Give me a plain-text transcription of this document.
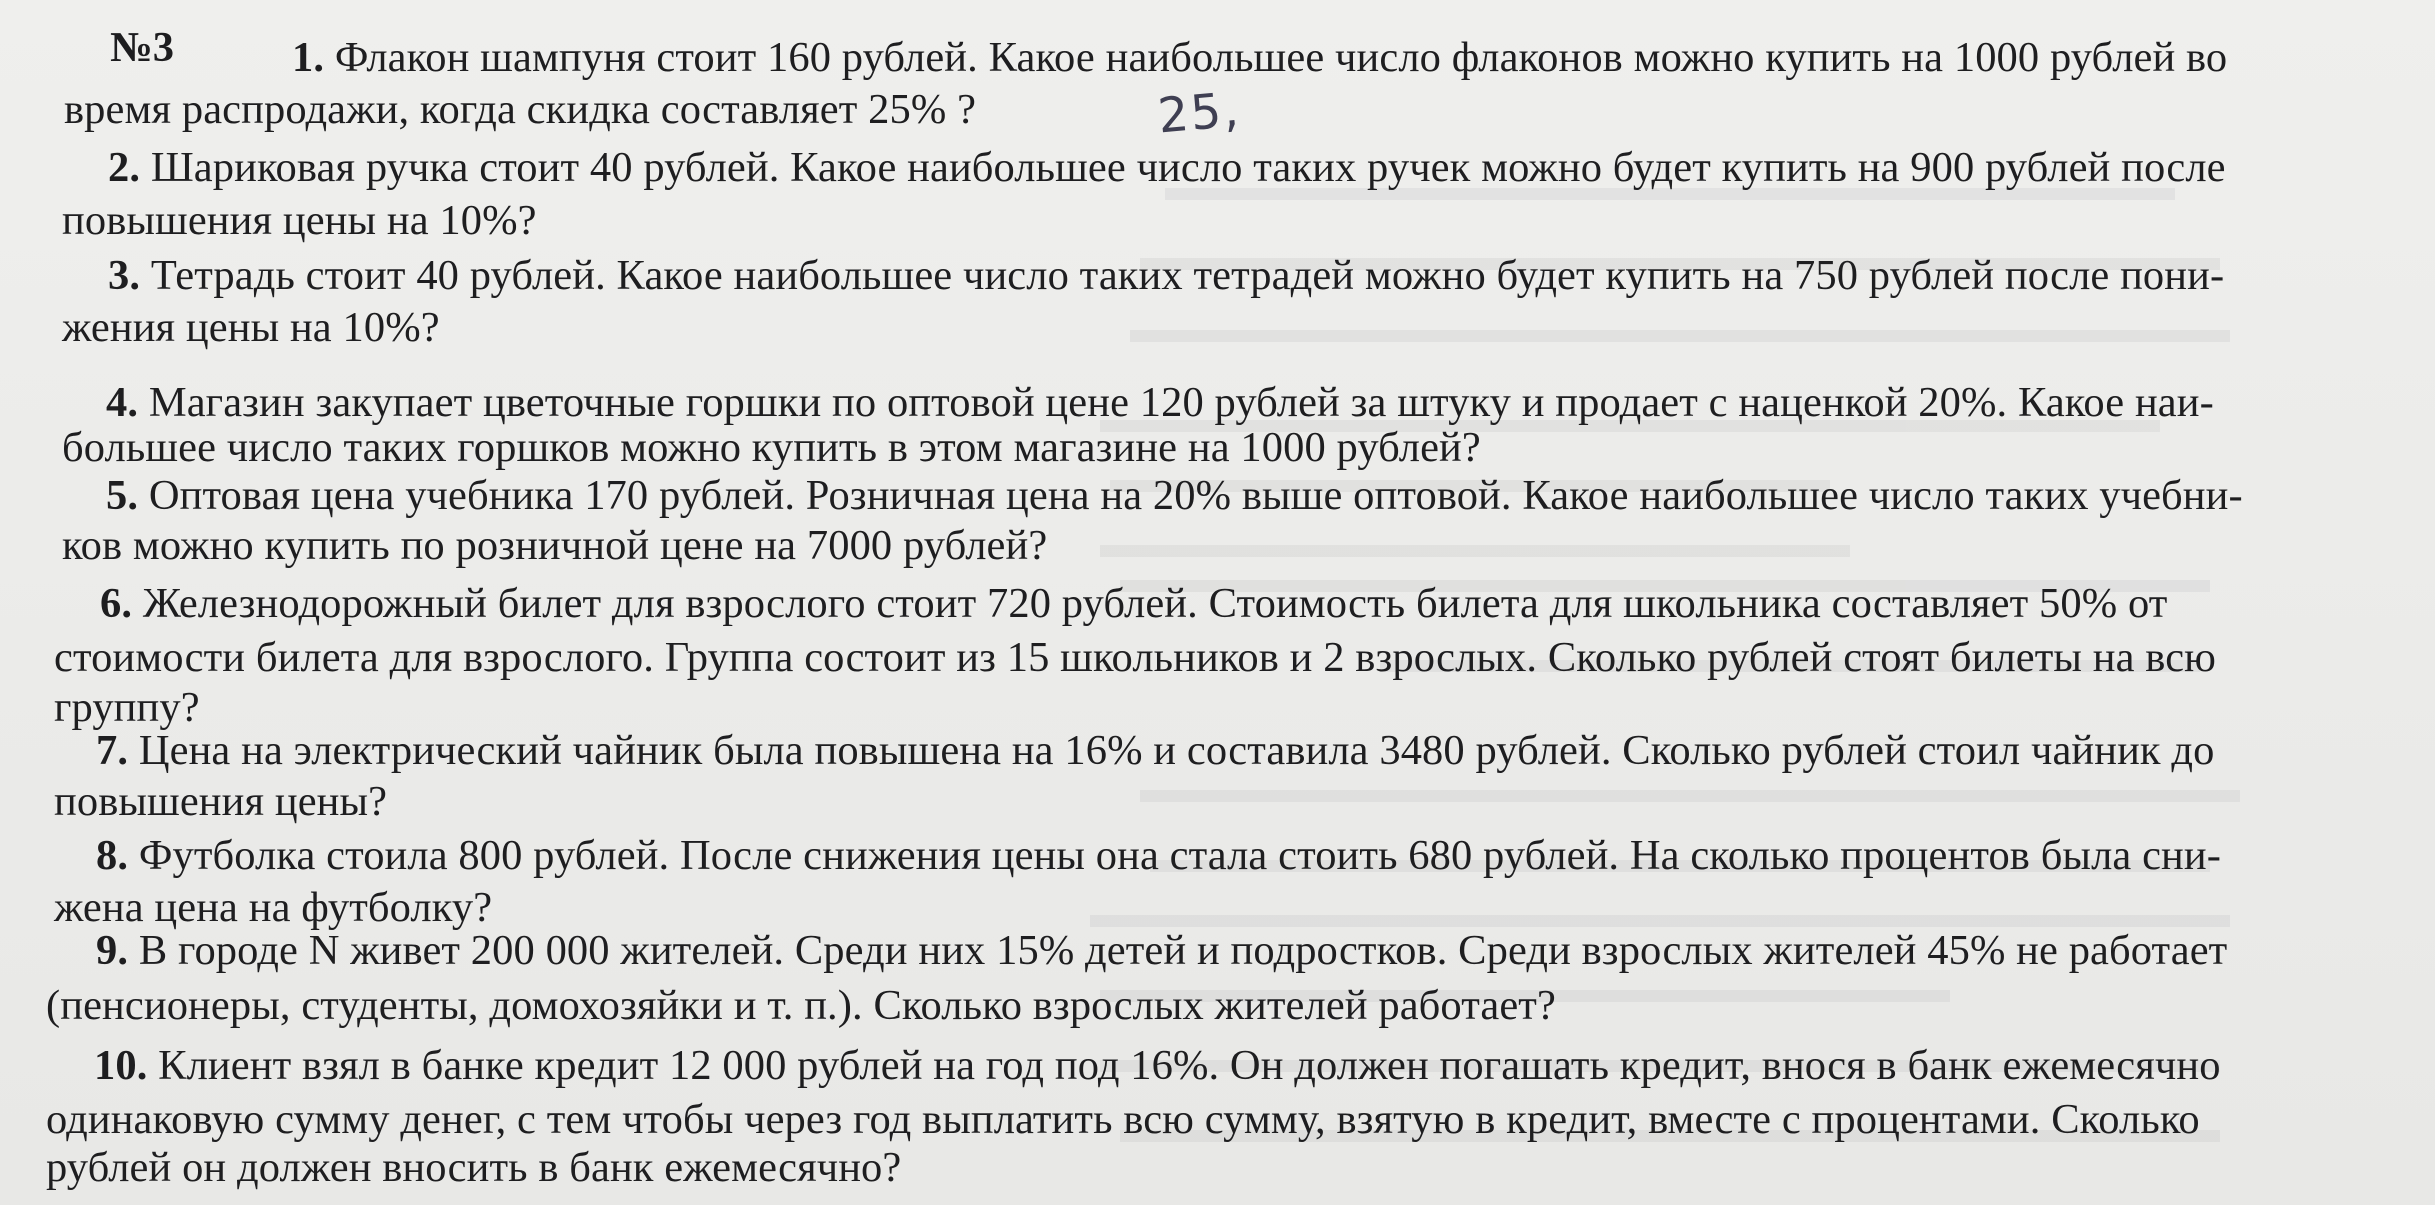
№3
25,
1. Флакон шампуня стоит 160 рублей. Какое наибольшее число флаконов можно купить на 1000 рублей во
время распродажи, когда скидка составляет 25% ?
2. Шариковая ручка стоит 40 рублей. Какое наибольшее число таких ручек можно будет купить на 900 рублей после
повышения цены на 10%?
3. Тетрадь стоит 40 рублей. Какое наибольшее число таких тетрадей можно будет купить на 750 рублей после пони-
жения цены на 10%?
4. Магазин закупает цветочные горшки по оптовой цене 120 рублей за штуку и продает с наценкой 20%. Какое наи-
большее число таких горшков можно купить в этом магазине на 1000 рублей?
5. Оптовая цена учебника 170 рублей. Розничная цена на 20% выше оптовой. Какое наибольшее число таких учебни-
ков можно купить по розничной цене на 7000 рублей?
6. Железнодорожный билет для взрослого стоит 720 рублей. Стоимость билета для школьника составляет 50% от
стоимости билета для взрослого. Группа состоит из 15 школьников и 2 взрослых. Сколько рублей стоят билеты на всю
группу?
7. Цена на электрический чайник была повышена на 16% и составила 3480 рублей. Сколько рублей стоил чайник до
повышения цены?
8. Футболка стоила 800 рублей. После снижения цены она стала стоить 680 рублей. На сколько процентов была сни-
жена цена на футболку?
9. В городе N живет 200 000 жителей. Среди них 15% детей и подростков. Среди взрослых жителей 45% не работает
(пенсионеры, студенты, домохозяйки и т. п.). Сколько взрослых жителей работает?
10. Клиент взял в банке кредит 12 000 рублей на год под 16%. Он должен погашать кредит, внося в банк ежемесячно
одинаковую сумму денег, с тем чтобы через год выплатить всю сумму, взятую в кредит, вместе с процентами. Сколько
рублей он должен вносить в банк ежемесячно?
